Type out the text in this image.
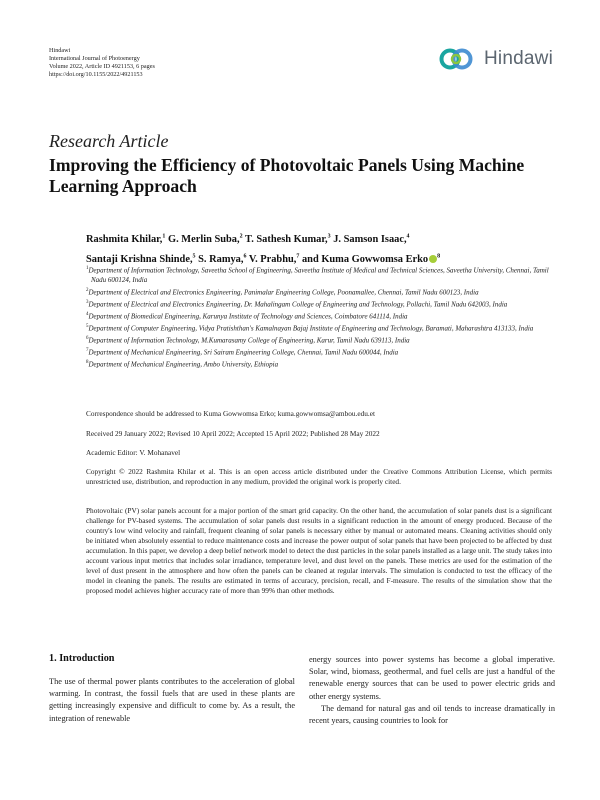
Hindawi
International Journal of Photoenergy
Volume 2022, Article ID 4921153, 6 pages
https://doi.org/10.1155/2022/4921153
Hindawi
Research Article
Improving the Efficiency of Photovoltaic Panels Using Machine Learning Approach
Rashmita Khilar,$^1$ G. Merlin Suba,$^2$ T. Sathesh Kumar,$^3$ J. Samson Isaac,$^4$
Santaji Krishna Shinde,$^5$ S. Ramya,$^6$ V. Prabhu,$^7$ and Kuma Gowwomsa Erko $^8$
$^1$Department of Information Technology, Saveetha School of Engineering, Saveetha Institute of Medical and Technical Sciences, Saveetha University, Chennai, Tamil Nadu 600124, India
$^2$Department of Electrical and Electronics Engineering, Panimalar Engineering College, Poonamallee, Chennai, Tamil Nadu 600123, India
$^3$Department of Electrical and Electronics Engineering, Dr. Mahalingam College of Engineering and Technology, Pollachi, Tamil Nadu 642003, India
$^4$Department of Biomedical Engineering, Karunya Institute of Technology and Sciences, Coimbatore 641114, India
$^5$Department of Computer Engineering, Vidya Pratishthan's Kamalnayan Bajaj Institute of Engineering and Technology, Baramati, Maharashtra 413133, India
$^6$Department of Information Technology, M.Kumarasamy College of Engineering, Karur, Tamil Nadu 639113, India
$^7$Department of Mechanical Engineering, Sri Sairam Engineering College, Chennai, Tamil Nadu 600044, India
$^8$Department of Mechanical Engineering, Ambo University, Ethiopia
Correspondence should be addressed to Kuma Gowwomsa Erko; kuma.gowwomsa@ambou.edu.et
Received 29 January 2022; Revised 10 April 2022; Accepted 15 April 2022; Published 28 May 2022
Copyright © 2022 Rashmita Khilar et al. This is an open access article distributed under the Creative Commons Attribution License, which permits unrestricted use, distribution, and reproduction in any medium, provided the original work is properly cited.
Photovoltaic (PV) solar panels account for a major portion of the smart grid capacity. On the other hand, the accumulation of solar panels dust is a significant challenge for PV-based systems. The accumulation of solar panels dust results in a significant reduction in the amount of energy produced. Because of the country's low wind velocity and rainfall, frequent cleaning of solar panels is necessary either by manual or automated means. Cleaning activities should only be initiated when absolutely essential to reduce maintenance costs and increase the power output of solar panels that have been projected to be affected by dust accumulation. In this paper, we develop a deep belief network model to detect the dust particles in the solar panels installed as a large unit. The study takes into account various input metrics that includes solar irradiance, temperature level, and dust level on the panels. These metrics are used for the estimation of the level of dust present in the atmosphere and how often the panels can be cleaned at regular intervals. The simulation is conducted to test the efficacy of the model in cleaning the panels. The results are estimated in terms of accuracy, precision, recall, and F-measure. The results of the simulation show that the proposed model achieves higher accuracy rate of more than 99% than other methods.
1. Introduction

The use of thermal power plants contributes to the acceleration of global warming. In contrast, the fossil fuels that are used in these plants are getting increasingly expensive and difficult to come by. As a result, the integration of renewable

energy sources into power systems has become a global imperative. Solar, wind, biomass, geothermal, and fuel cells are just a handful of the renewable energy sources that can be used to power electric grids and other energy systems.

The demand for natural gas and oil tends to increase dramatically in recent years, causing countries to look for

Academic Editor: V. Mohanavel
